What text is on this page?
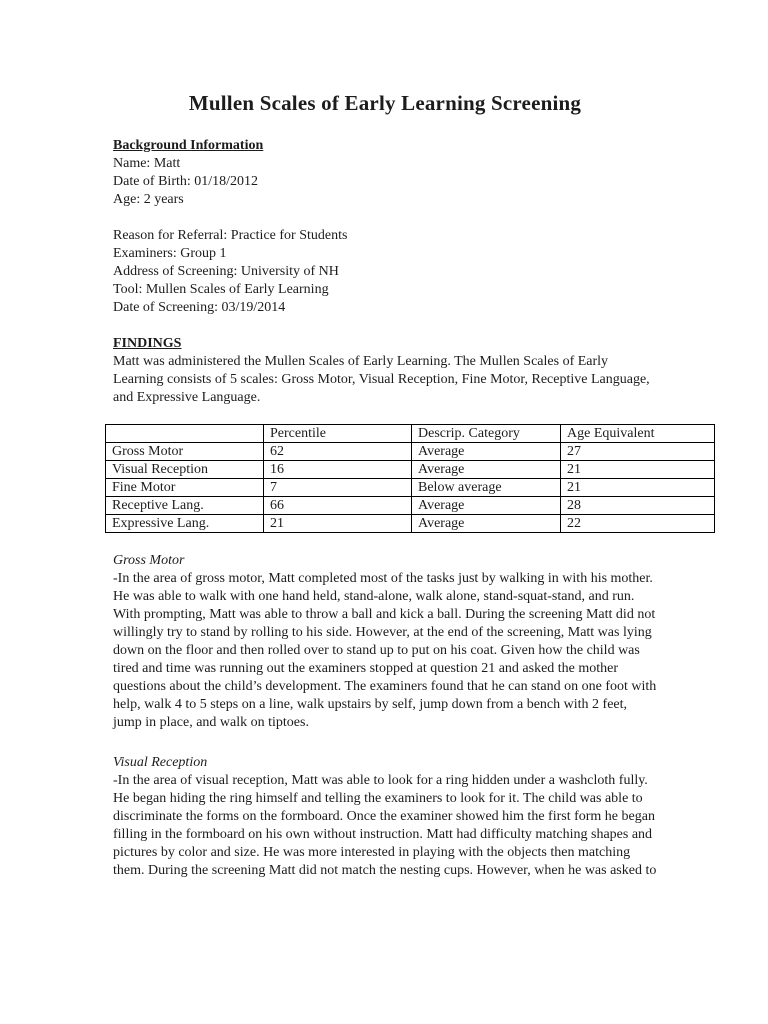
Mullen Scales of Early Learning Screening

Background Information

Name: Matt

Date of Birth: 01/18/2012

Age: 2 years

Reason for Referral: Practice for Students

Examiners: Group 1

Address of Screening: University of NH

Tool: Mullen Scales of Early Learning

Date of Screening: 03/19/2014

FINDINGS

Matt was administered the Mullen Scales of Early Learning. The Mullen Scales of Early Learning consists of 5 scales: Gross Motor, Visual Reception, Fine Motor, Receptive Language, and Expressive Language.

	Percentile	Descrip. Category	Age Equivalent
Gross Motor	62	Average	27
Visual Reception	16	Average	21
Fine Motor	7	Below average	21
Receptive Lang.	66	Average	28
Expressive Lang.	21	Average	22

Gross Motor

-In the area of gross motor, Matt completed most of the tasks just by walking in with his mother. He was able to walk with one hand held, stand-alone, walk alone, stand-squat-stand, and run. With prompting, Matt was able to throw a ball and kick a ball. During the screening Matt did not willingly try to stand by rolling to his side. However, at the end of the screening, Matt was lying down on the floor and then rolled over to stand up to put on his coat. Given how the child was tired and time was running out the examiners stopped at question 21 and asked the mother questions about the child’s development. The examiners found that he can stand on one foot with help, walk 4 to 5 steps on a line, walk upstairs by self, jump down from a bench with 2 feet, jump in place, and walk on tiptoes.

Visual Reception

-In the area of visual reception, Matt was able to look for a ring hidden under a washcloth fully. He began hiding the ring himself and telling the examiners to look for it. The child was able to discriminate the forms on the formboard. Once the examiner showed him the first form he began filling in the formboard on his own without instruction. Matt had difficulty matching shapes and pictures by color and size. He was more interested in playing with the objects then matching them. During the screening Matt did not match the nesting cups. However, when he was asked to
